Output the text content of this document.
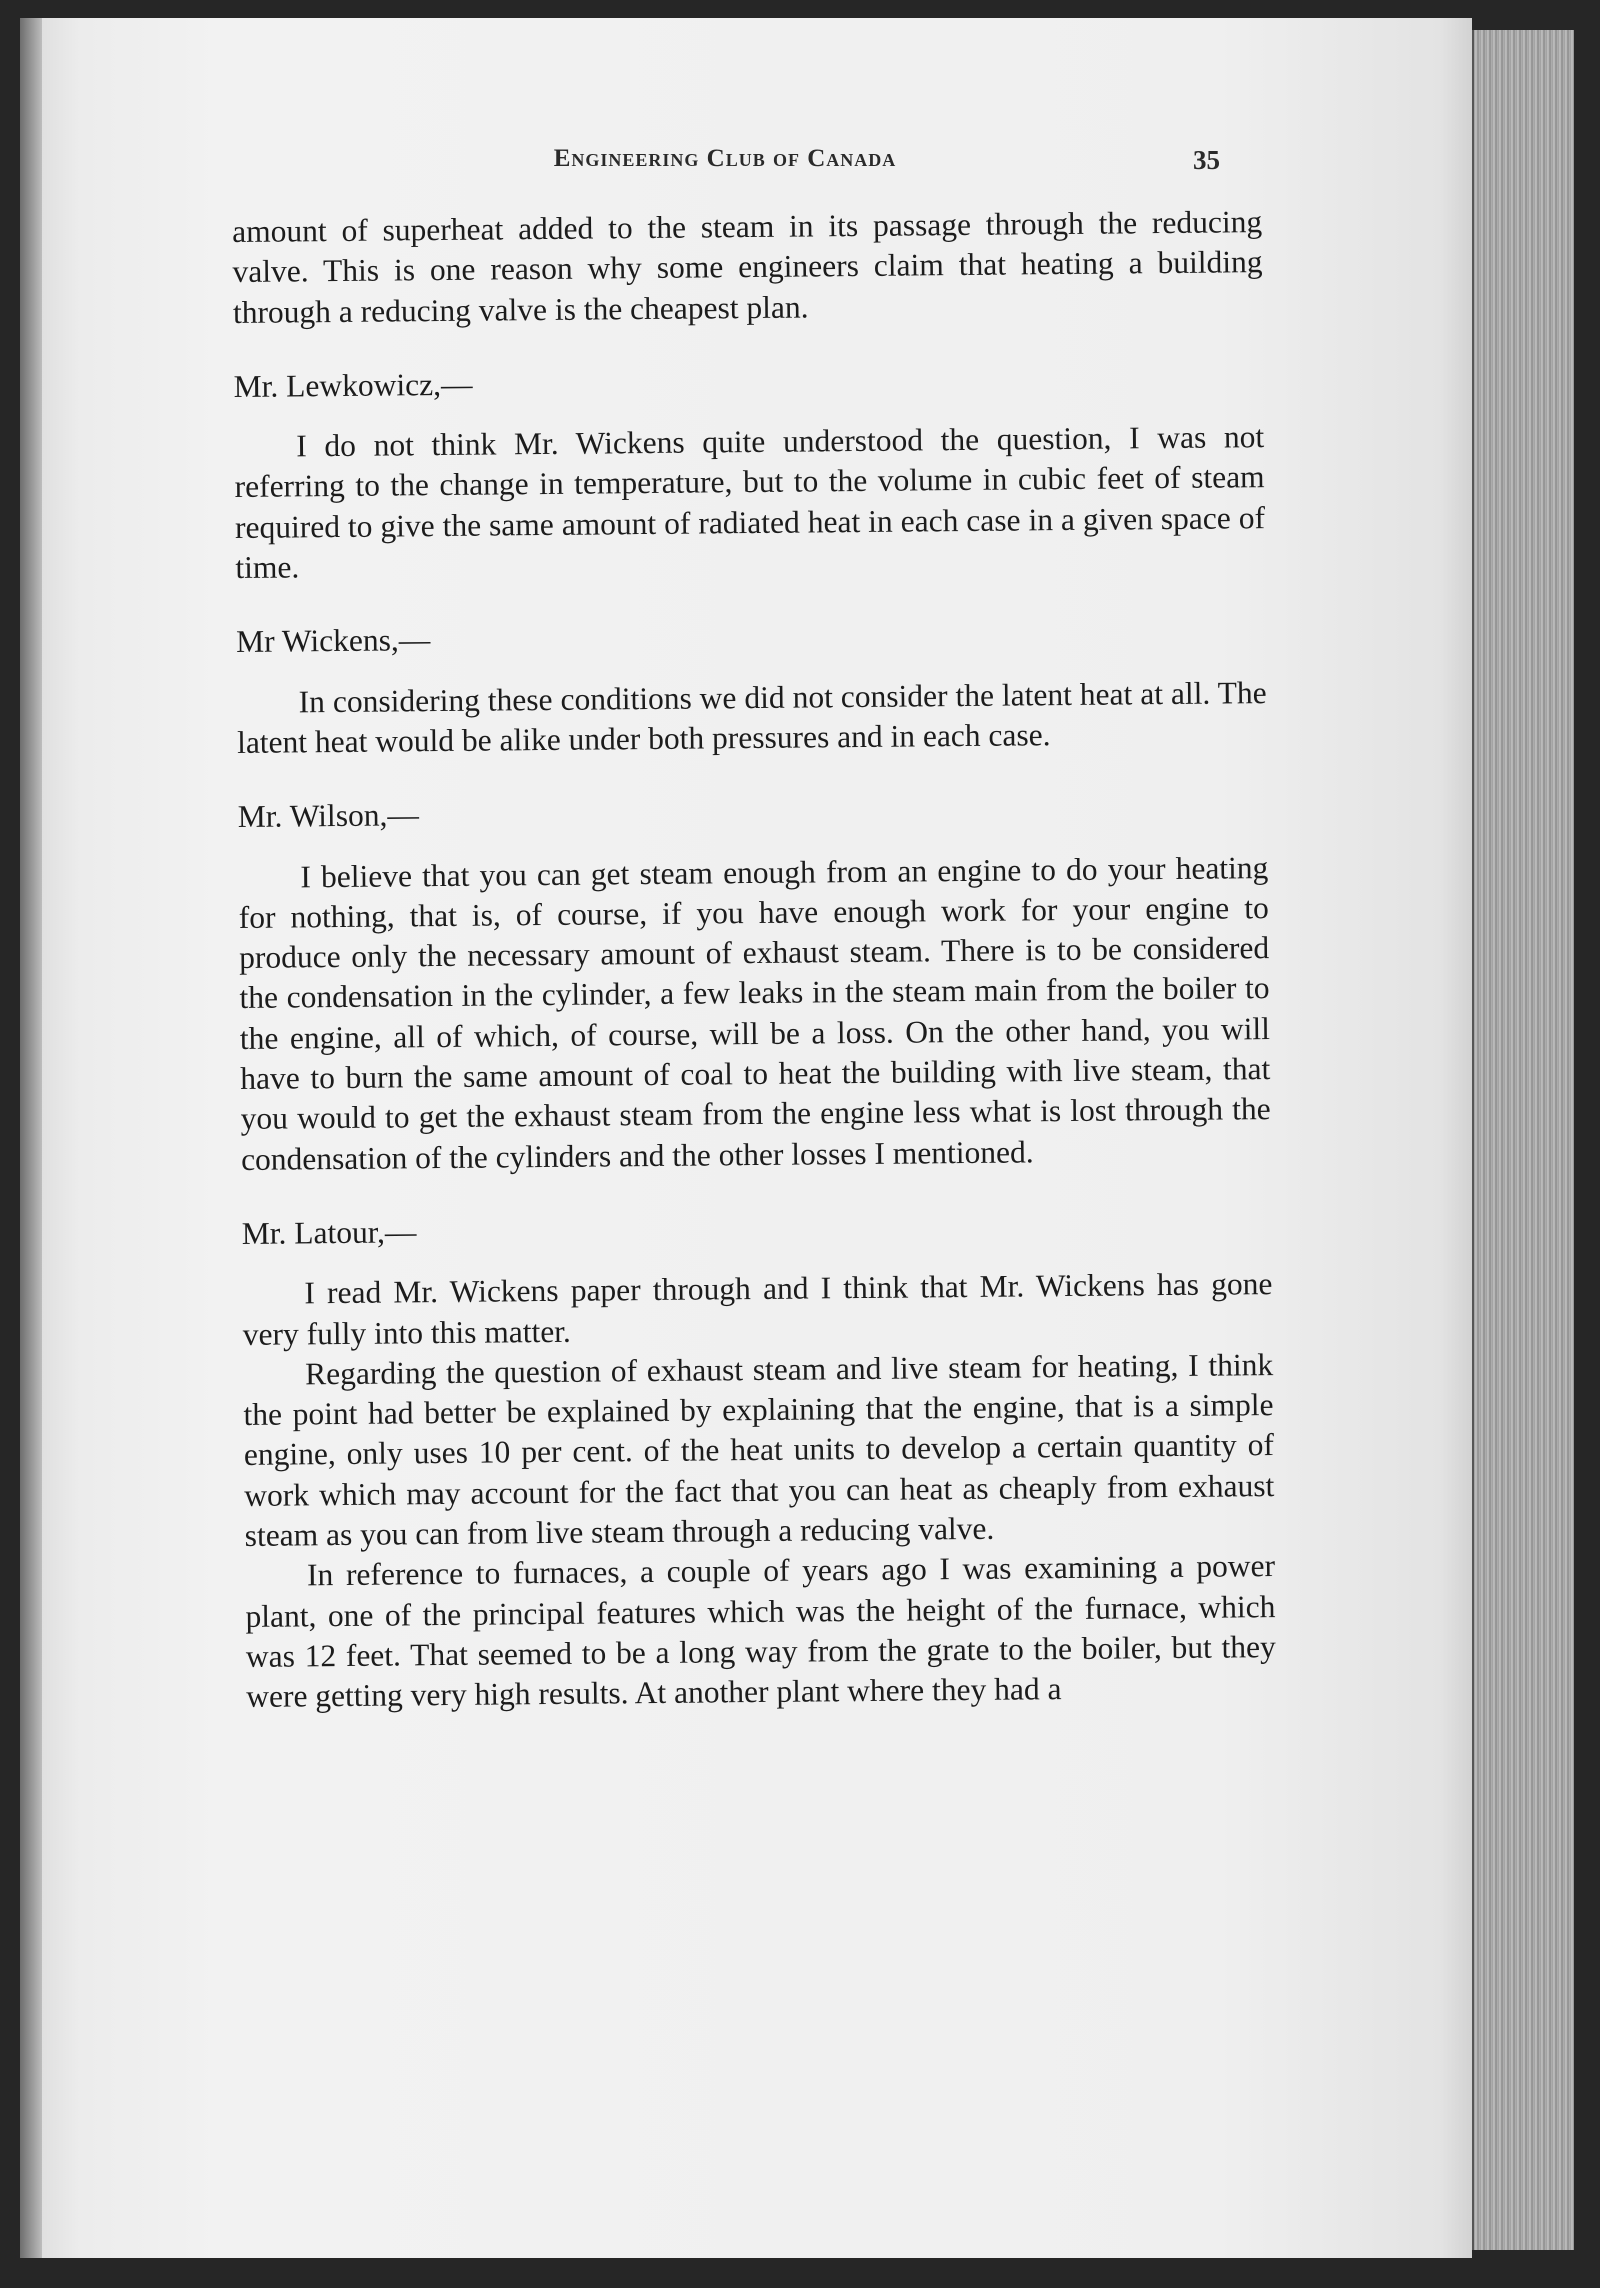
Engineering Club of Canada	35

amount of superheat added to the steam in its passage through the reducing valve. This is one reason why some engineers claim that heating a building through a reducing valve is the cheapest plan.

Mr. Lewkowicz,—

I do not think Mr. Wickens quite understood the question, I was not referring to the change in temperature, but to the volume in cubic feet of steam required to give the same amount of radiated heat in each case in a given space of time.

Mr Wickens,—

In considering these conditions we did not consider the latent heat at all. The latent heat would be alike under both pressures and in each case.

Mr. Wilson,—

I believe that you can get steam enough from an engine to do your heating for nothing, that is, of course, if you have enough work for your engine to produce only the necessary amount of exhaust steam. There is to be considered the condensation in the cylinder, a few leaks in the steam main from the boiler to the engine, all of which, of course, will be a loss. On the other hand, you will have to burn the same amount of coal to heat the building with live steam, that you would to get the exhaust steam from the engine less what is lost through the condensation of the cylinders and the other losses I mentioned.

Mr. Latour,—

I read Mr. Wickens paper through and I think that Mr. Wickens has gone very fully into this matter.

Regarding the question of exhaust steam and live steam for heating, I think the point had better be explained by explaining that the engine, that is a simple engine, only uses 10 per cent. of the heat units to develop a certain quantity of work which may account for the fact that you can heat as cheaply from exhaust steam as you can from live steam through a reducing valve.

In reference to furnaces, a couple of years ago I was examining a power plant, one of the principal features which was the height of the furnace, which was 12 feet. That seemed to be a long way from the grate to the boiler, but they were getting very high results. At another plant where they had a
